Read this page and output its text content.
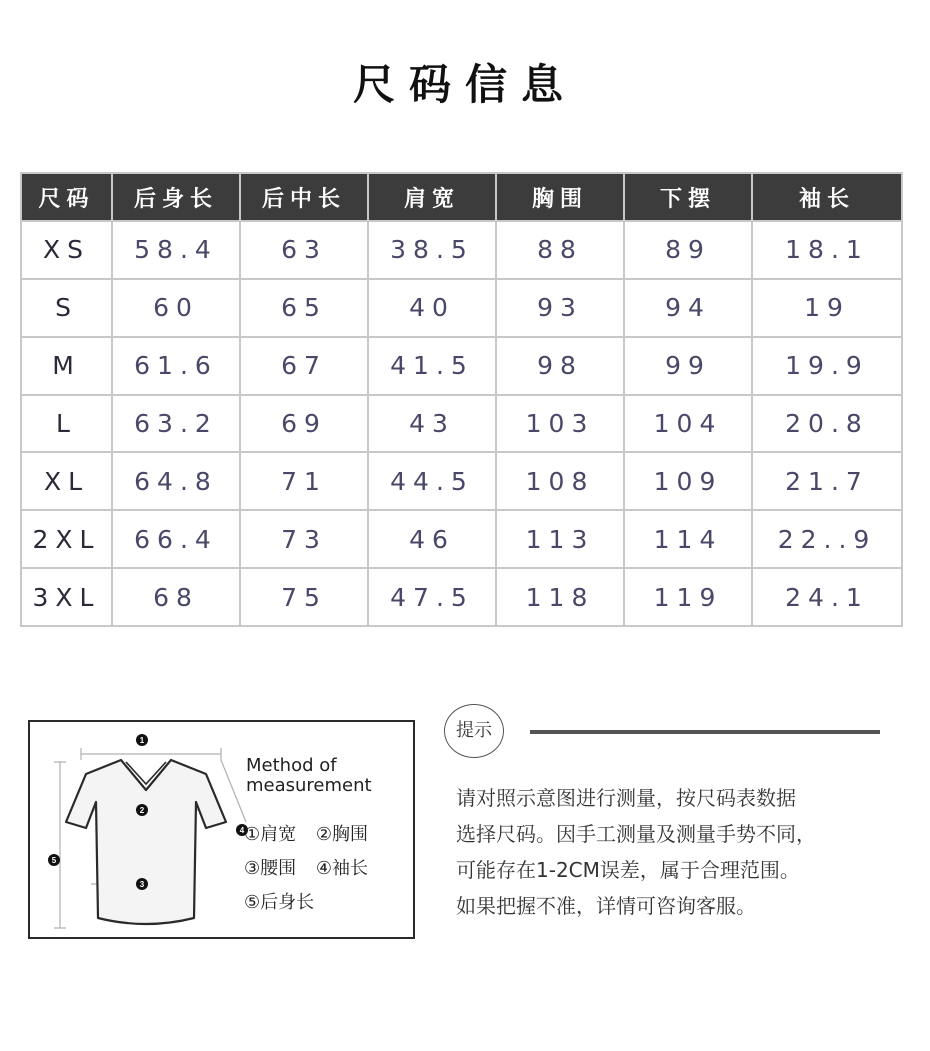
尺码信息
尺码	后身长	后中长	肩宽	胸围	下摆	袖长
XS	58.4	63	38.5	88	89	18.1
S	60	65	40	93	94	19
M	61.6	67	41.5	98	99	19.9
L	63.2	69	43	103	104	20.8
XL	64.8	71	44.5	108	109	21.7
2XL	66.4	73	46	113	114	22..9
3XL	68	75	47.5	118	119	24.1
1
2
3
4
5
Method of
measurement
①肩宽 ②胸围
③腰围 ④袖长
⑤后身长
提示
请对照示意图进行测量，按尺码表数据
选择尺码。因手工测量及测量手势不同，
可能存在1-2CM误差，属于合理范围。
如果把握不准，详情可咨询客服。
